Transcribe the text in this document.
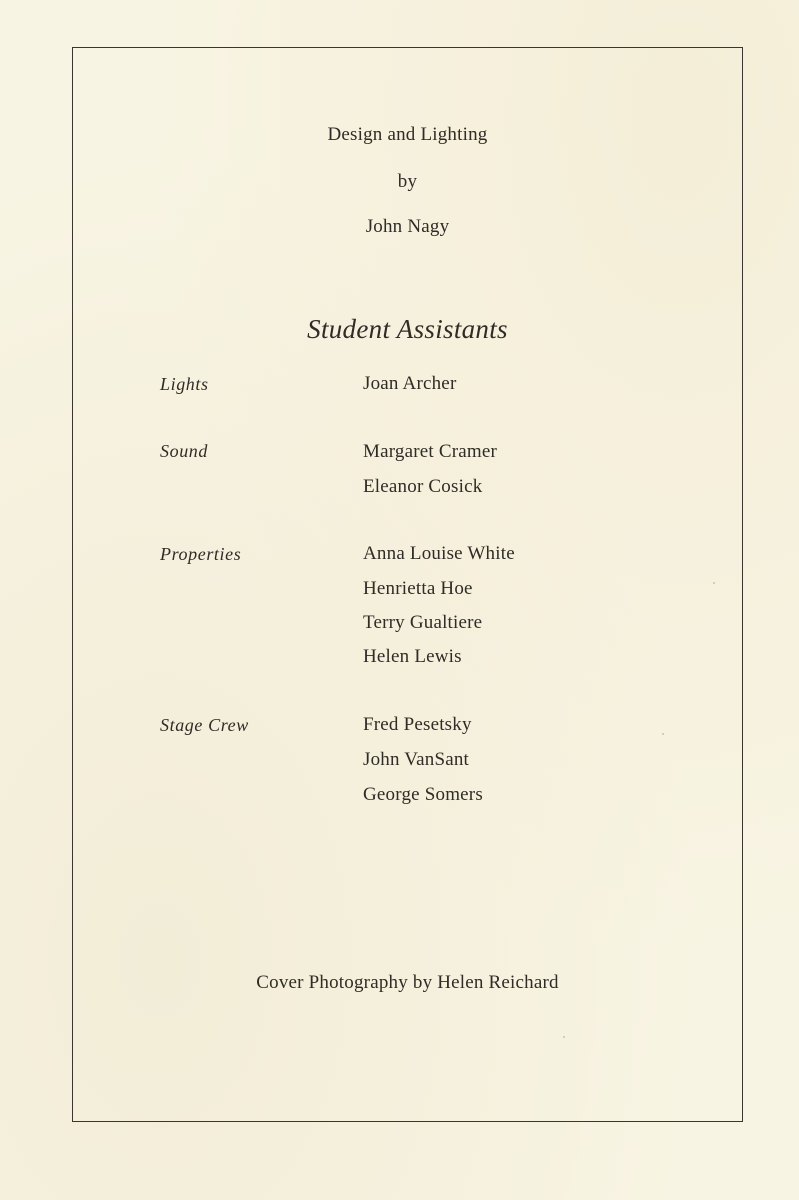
Design and Lighting
by
John Nagy
Student Assistants
Lights	Joan Archer
Sound	Margaret Cramer
Eleanor Cosick
Properties	Anna Louise White
Henrietta Hoe
Terry Gualtiere
Helen Lewis
Stage Crew	Fred Pesetsky
John VanSant
George Somers
Cover Photography by Helen Reichard
